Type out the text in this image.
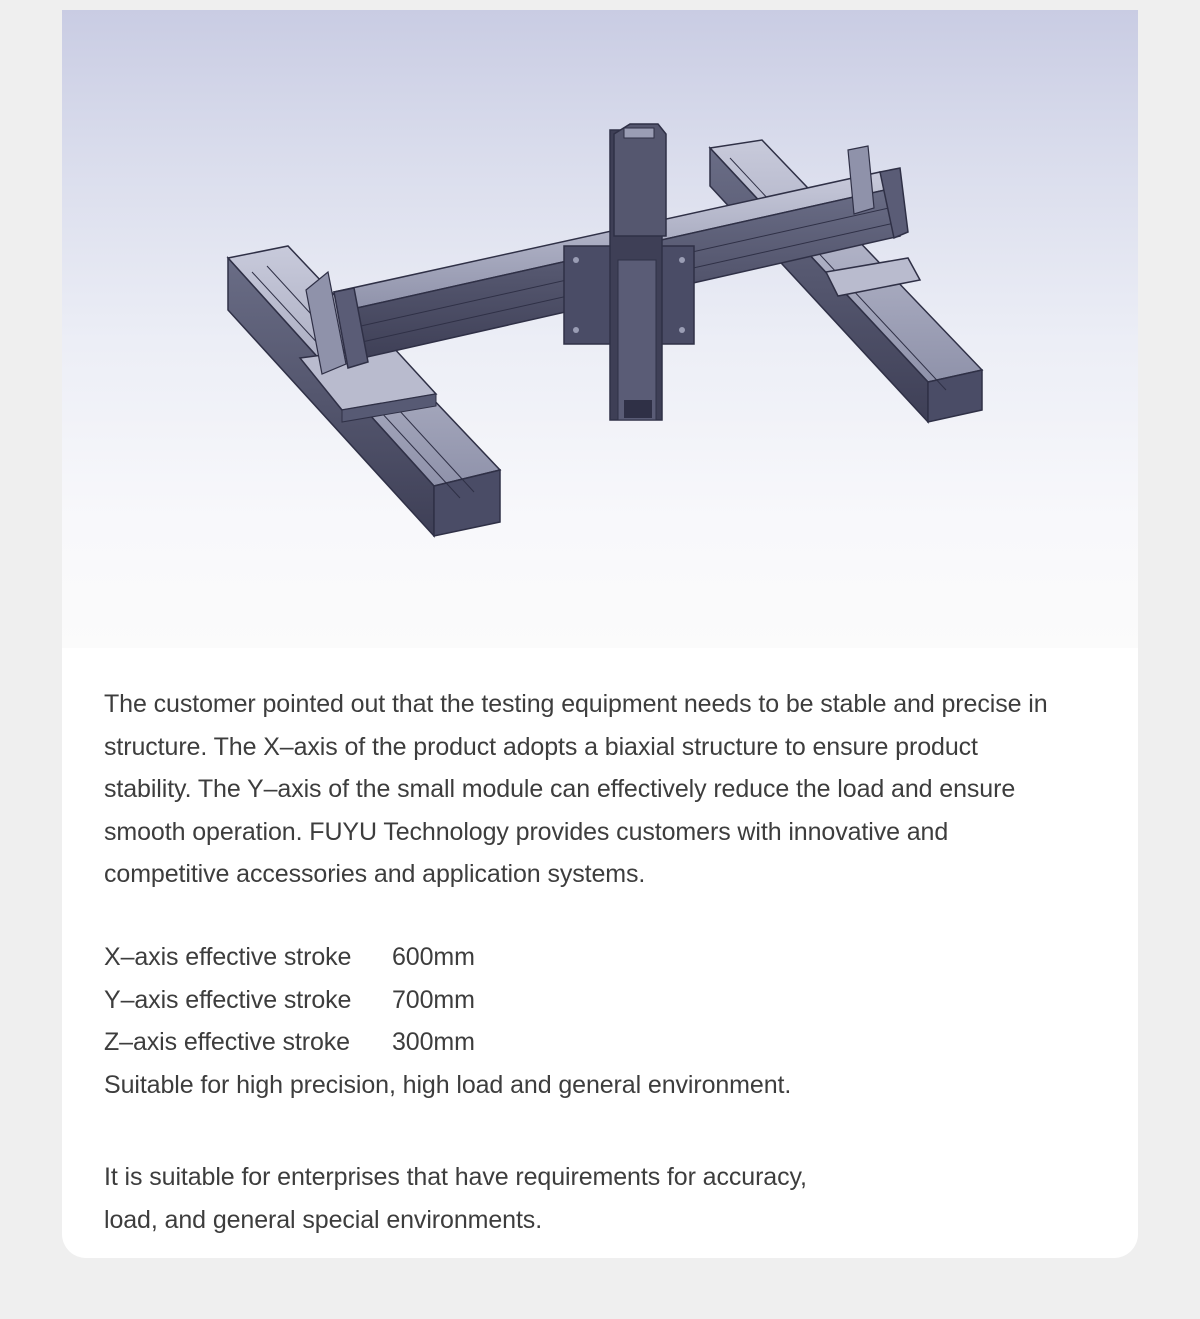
The customer pointed out that the testing equipment needs to be stable and precise in
structure. The X–axis of the product adopts a biaxial structure to ensure product
stability. The Y–axis of the small module can effectively reduce the load and ensure
smooth operation. FUYU Technology provides customers with innovative and
competitive accessories and application systems.
X–axis effective stroke 600mm
Y–axis effective stroke 700mm
Z–axis effective stroke 300mm
Suitable for high precision, high load and general environment.
It is suitable for enterprises that have requirements for accuracy,
load, and general special environments.
